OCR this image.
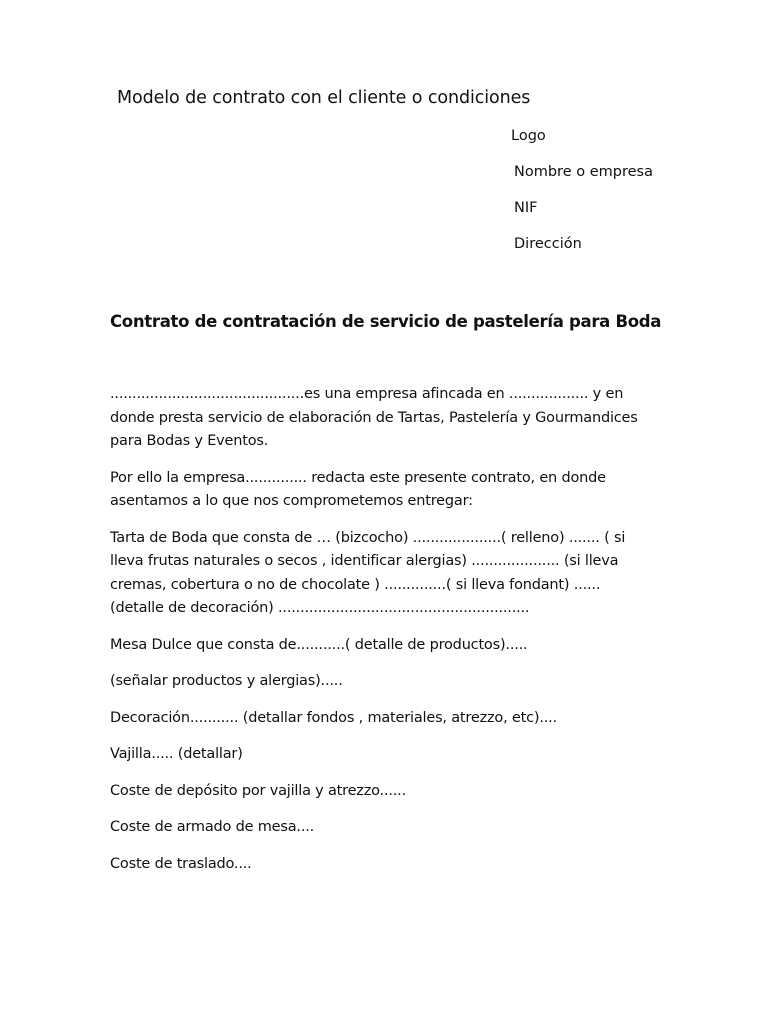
Modelo de contrato con el cliente o condiciones
Logo
Nombre o empresa
NIF
Dirección
Contrato de contratación de servicio de pastelería para Boda

............................................es una empresa afincada en .................. y en
donde presta servicio de elaboración de Tartas, Pastelería y Gourmandices
para Bodas y Eventos.

Por ello la empresa.............. redacta este presente contrato, en donde
asentamos a lo que nos comprometemos entregar:

Tarta de Boda que consta de … (bizcocho) ....................( relleno) ....... ( si
lleva frutas naturales o secos , identificar alergias) .................... (si lleva
cremas, cobertura o no de chocolate ) ..............( si lleva fondant) ......
(detalle de decoración) .........................................................

Mesa Dulce que consta de...........( detalle de productos).....

(señalar productos y alergias).....

Decoración........... (detallar fondos , materiales, atrezzo, etc)....

Vajilla..... (detallar)

Coste de depósito por vajilla y atrezzo......

Coste de armado de mesa....

Coste de traslado....
